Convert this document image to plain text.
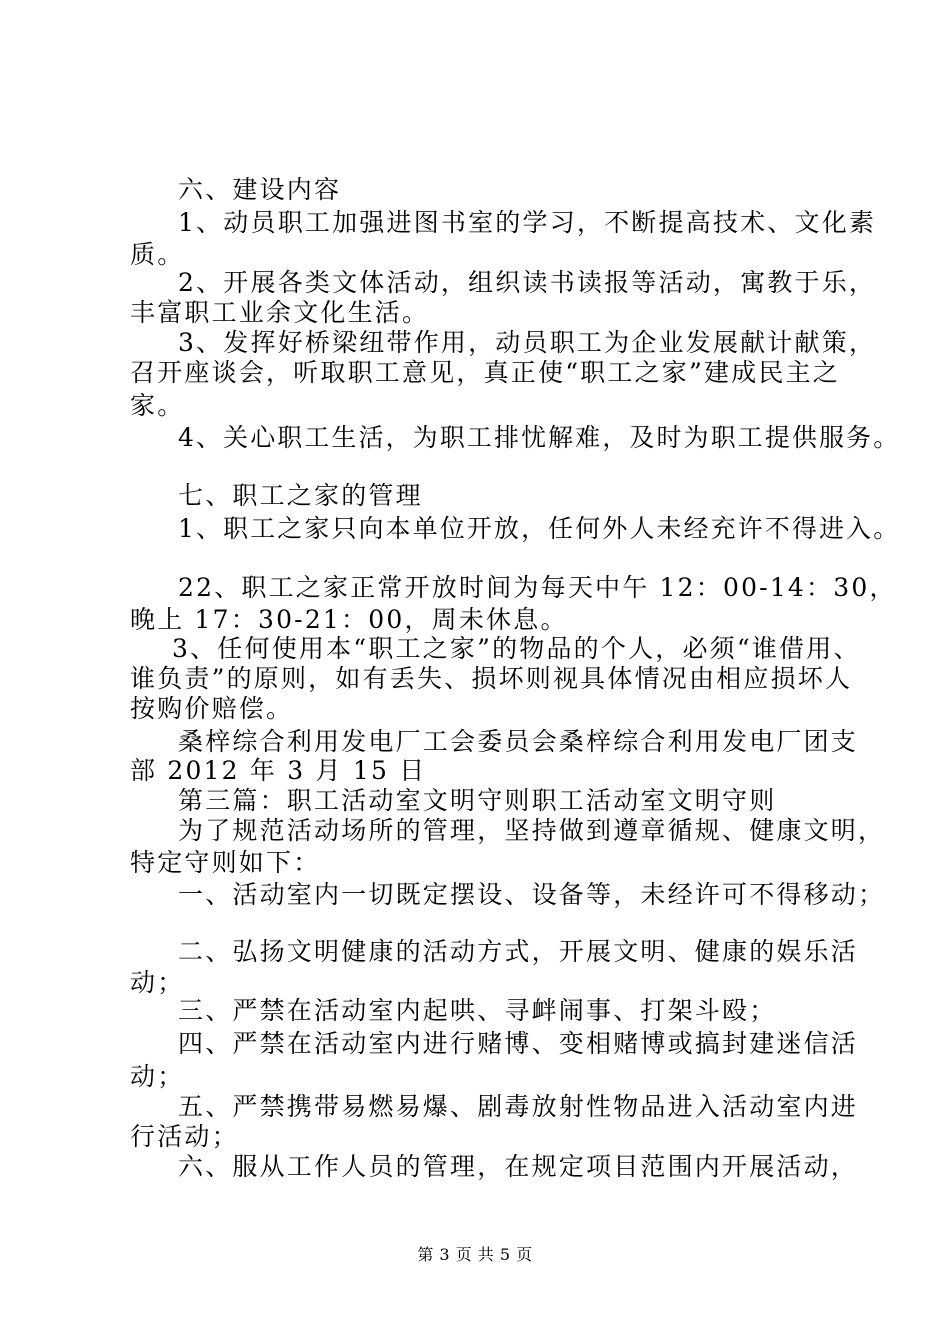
六、建设内容
1、动员职工加强进图书室的学习，不断提高技术、文化素
质。
2、开展各类文体活动，组织读书读报等活动，寓教于乐，
丰富职工业余文化生活。
3、发挥好桥梁纽带作用，动员职工为企业发展献计献策，
召开座谈会，听取职工意见，真正使“职工之家”建成民主之
家。
4、关心职工生活，为职工排忧解难，及时为职工提供服务。
七、职工之家的管理
1、职工之家只向本单位开放，任何外人未经充许不得进入。
22、职工之家正常开放时间为每天中午 12：00-14：30，
晚上 17：30-21：00，周未休息。
3、任何使用本“职工之家”的物品的个人，必须“谁借用、
谁负责”的原则，如有丢失、损坏则视具体情况由相应损坏人
按购价赔偿。
桑梓综合利用发电厂工会委员会桑梓综合利用发电厂团支
部 2012 年 3 月 15 日
第三篇：职工活动室文明守则职工活动室文明守则
为了规范活动场所的管理，坚持做到遵章循规、健康文明，
特定守则如下：
一、活动室内一切既定摆设、设备等，未经许可不得移动；
二、弘扬文明健康的活动方式，开展文明、健康的娱乐活
动；
三、严禁在活动室内起哄、寻衅闹事、打架斗殴；
四、严禁在活动室内进行赌博、变相赌博或搞封建迷信活
动；
五、严禁携带易燃易爆、剧毒放射性物品进入活动室内进
行活动；
六、服从工作人员的管理，在规定项目范围内开展活动，
第 3 页 共 5 页
